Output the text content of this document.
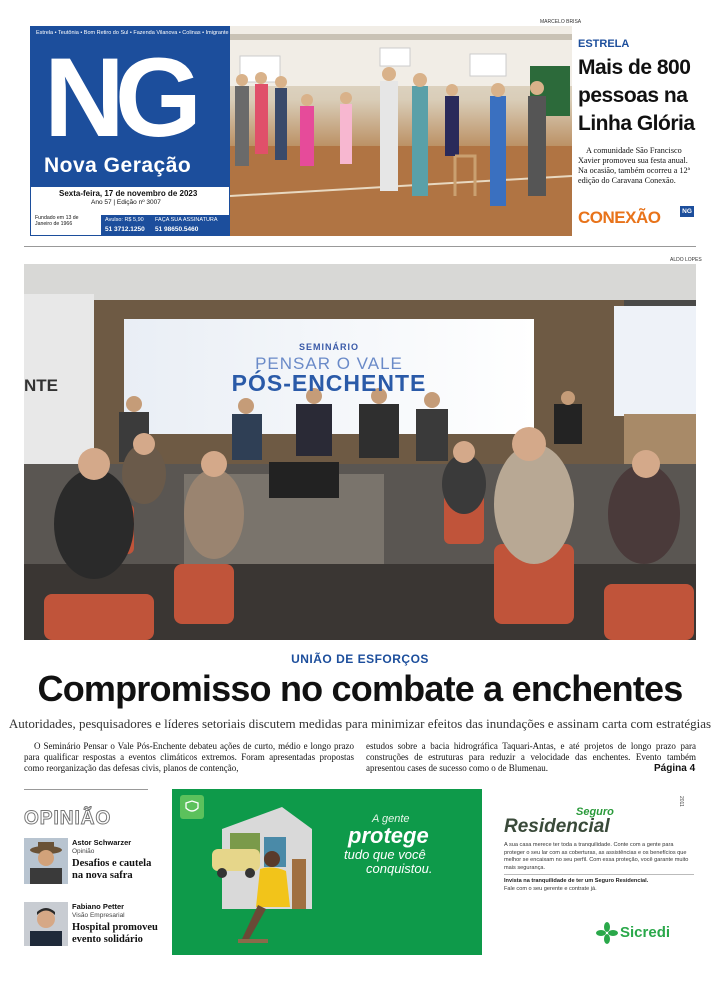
Estrela • Teutônia • Bom Retiro do Sul • Fazenda Vilanova • Colinas • Imigrante
NG
Nova Geração
Sexta-feira, 17 de novembro de 2023
Ano 57 | Edição nº 3007
Fundado em 13 de Janeiro de 1966
Avulso: R$ 5,90 FAÇA SUA ASSINATURA
51 3712.1250 51 98650.5460
MARCELO BRISA
ESTRELA
Mais de 800 pessoas na Linha Glória
A comunidade São Francisco Xavier promoveu sua festa anual. Na ocasião, também ocorreu a 12ª edição do Caravana Conexão.
CONEXÃO	NG
ALDO LOPES
SEMINÁRIO
PENSAR O VALE
PÓS-ENCHENTE
NTE
UNIÃO DE ESFORÇOS
Compromisso no combate a enchentes
Autoridades, pesquisadores e líderes setoriais discutem medidas para minimizar efeitos das inundações e assinam carta com estratégias
O Seminário Pensar o Vale Pós-Enchente debateu ações de curto, médio e longo prazo para qualificar respostas a eventos climáticos extremos. Foram apresentadas propostas como reorganização das defesas civis, planos de contenção,
estudos sobre a bacia hidrográfica Taquari-Antas, e até projetos de longo prazo para construções de estruturas para reduzir a velocidade das enchentes. Evento também apresentou cases de sucesso como o de Blumenau.	Página 4
OPINIÃO
Astor Schwarzer
Opinião
Desafios e cautela na nova safra
Fabiano Petter
Visão Empresarial
Hospital promoveu evento solidário
A gente
protege
tudo que você
conquistou.
Seguro
Residencial
A sua casa merece ter toda a tranquilidade. Conte com a gente para proteger o seu lar com as coberturas, as assistências e os benefícios que melhor se encaixam no seu perfil. Com essa proteção, você garante muito mais segurança.
Invista na tranquilidade de ter um Seguro Residencial.
Fale com o seu gerente e contrate já.
Sicredi
2011
